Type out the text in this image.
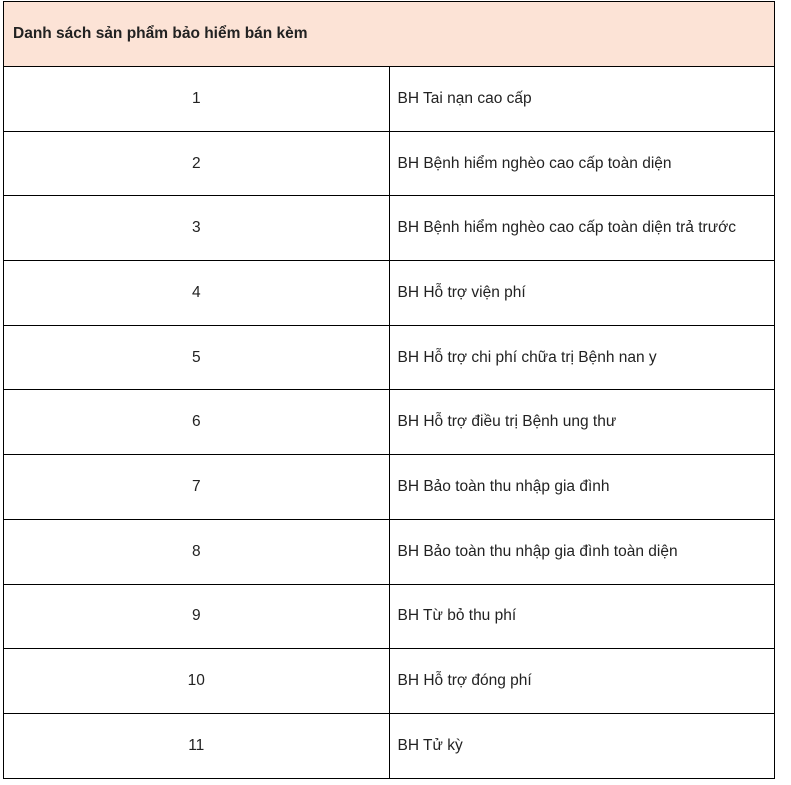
Danh sách sản phẩm bảo hiểm bán kèm	
1	BH Tai nạn cao cấp
2	BH Bệnh hiểm nghèo cao cấp toàn diện
3	BH Bệnh hiểm nghèo cao cấp toàn diện trả trước
4	BH Hỗ trợ viện phí
5	BH Hỗ trợ chi phí chữa trị Bệnh nan y
6	BH Hỗ trợ điều trị Bệnh ung thư
7	BH Bảo toàn thu nhập gia đình
8	BH Bảo toàn thu nhập gia đình toàn diện
9	BH Từ bỏ thu phí
10	BH Hỗ trợ đóng phí
11	BH Tử kỳ
